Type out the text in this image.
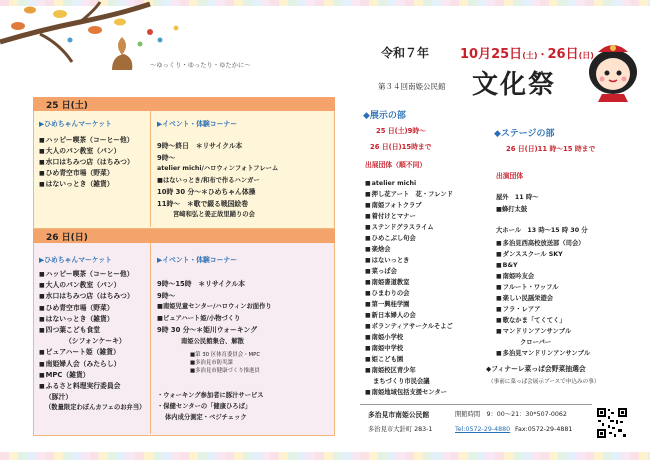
～ゆっくり・ゆったり・ゆたかに～
令和７年 10月25日(土)・26日(日)
第３４回南姫公民館 文化祭
25 日(土)
▶ひめちゃんマーケット
■ ハッピー喫茶（コーヒー他）
■ 大人のパン教室（パン）
■ 水口はちみつ店（はちみつ）
■ ひめ青空市場（野菜）
■ はないっとき（雑貨）
▶イベント・体験コーナー
9時～終日　＊リサイクル本
9時～
atelier michi/ハロウィンフォトフレーム
■はないっとき/和布で作るハンガー
10時 30 分～＊ひめちゃん体操
11時～　＊歌で綴る戦国絵巻
宮﨑和弘と姜正故里踊りの会
26 日(日)
▶ひめちゃんマーケット
■ ハッピー喫茶（コーヒー他）
■ 大人のパン教室（パン）
■ 水口はちみつ店（はちみつ）
■ ひめ青空市場（野菜）
■ はないっとき（雑貨）
■ 四つ葉こども食堂
（シフォンケーキ）
■ ピュアハート姫（雑貨）
■ 南姫婦人会（みたらし）
■ MPC（雑貨）
■ ふるさと料理実行委員会
（豚汁）
（数量限定わぼんカフェのお弁当）
▶イベント・体験コーナー
9時～15時　＊リサイクル本
9時～
■南姫児童センター/ハロウィンお面作り
■ピュアハート姫/小物づくり
9時 30 分～＊姫川ウォーキング
南姫公民館集合、解散
■第 30 区体育委員会・MPC
■多治見市防災課
■多治見市健康づくり推進員
・ウォーキング参加者に豚汁サービス
・保健センターの「健康ひろば」
体内成分測定・ベジチェック
◆展示の部
25 日(土)9時～
26 日(日)15時まで
出展団体（順不同）
■ atelier michi
■ 押し花アート　花・フレンド
■ 南姫フォトクラブ
■ 着付けとマナー
■ ステンドグラスライム
■ ひめこぶし句会
■ 楽焓会
■ はないっとき
■ 菜っぱ会
■ 南姫書道教室
■ ひまわりの会
■ 第一興桂学園
■ 新日本婦人の会
■ ボランティアサークルそよご
■ 南姫小学校
■ 南姫中学校
■ 姫こども園
■ 南姫校区青少年
まちづくり市民会議
■ 南姫地域包括支援センター
◆ステージの部
26 日(日)11 時～15 時まで
出演団体
屋外　11 時～
■蜂打太鼓
大ホール　13 時～15 時 30 分
■ 多治見西高校放送部（司会）
■ ダンススクール SKY
■ B&Y
■ 南姫吟友会
■ フルート・ワッフル
■ 楽しい民謡栄遊会
■ フラ・レアア
■ 歌なかま「てくてく」
■ マンドリンアンサンブル
クローバー
■ 多治見マンドリンアンサンブル
◆フィナーレ菜っぱ会野菜抽選会
（事前に菜っぱ会展示ブースで申込みの事）
多治見市南姫公民館
多治見市大針町 283-1
開館時間　9：00～21：30*507-0062
Tel:0572-29-4880 Fax:0572-29-4881
